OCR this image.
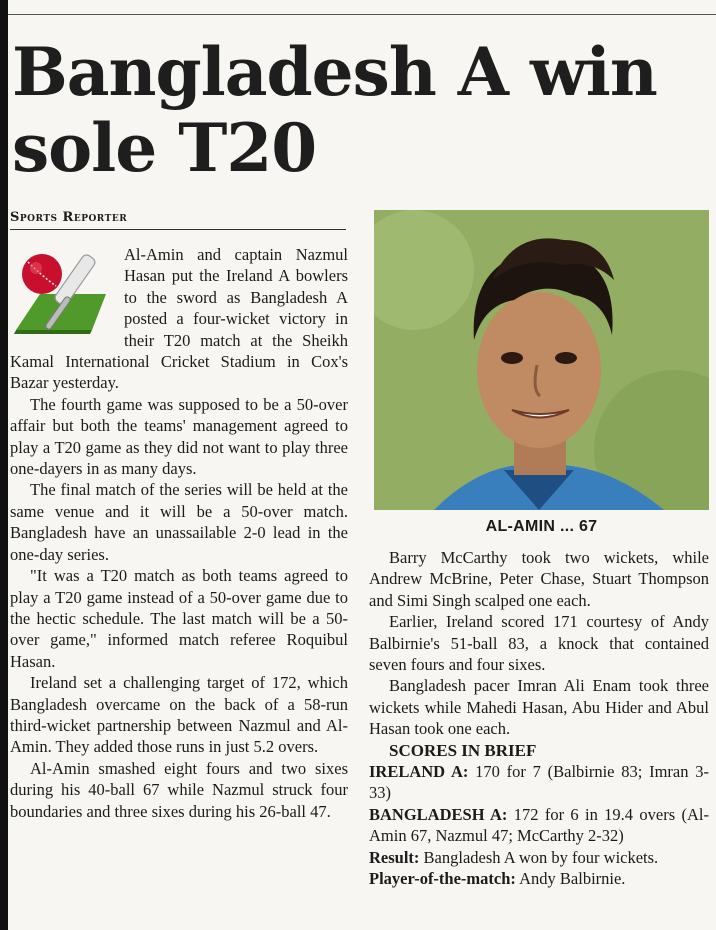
Bangladesh A win sole T20
Sports Reporter

Al-Amin and captain Nazmul Hasan put the Ireland A bowlers to the sword as Bangladesh A posted a four-wicket victory in their T20 match at the Sheikh Kamal International Cricket Stadium in Cox's Bazar yesterday.

The fourth game was supposed to be a 50-over affair but both the teams' management agreed to play a T20 game as they did not want to play three one-dayers in as many days.

The final match of the series will be held at the same venue and it will be a 50-over match. Bangladesh have an unassailable 2-0 lead in the one-day series.

"It was a T20 match as both teams agreed to play a T20 game instead of a 50-over game due to the hectic schedule. The last match will be a 50-over game," informed match referee Roquibul Hasan.

Ireland set a challenging target of 172, which Bangladesh overcame on the back of a 58-run third-wicket partnership between Nazmul and Al-Amin. They added those runs in just 5.2 overs.

Al-Amin smashed eight fours and two sixes during his 40-ball 67 while Nazmul struck four boundaries and three sixes during his 26-ball 47.

AL-AMIN ... 67

Barry McCarthy took two wickets, while Andrew McBrine, Peter Chase, Stuart Thompson and Simi Singh scalped one each.

Earlier, Ireland scored 171 courtesy of Andy Balbirnie's 51-ball 83, a knock that contained seven fours and four sixes.

Bangladesh pacer Imran Ali Enam took three wickets while Mahedi Hasan, Abu Hider and Abul Hasan took one each.

SCORES IN BRIEF

IRELAND A: 170 for 7 (Balbirnie 83; Imran 3-33)

BANGLADESH A: 172 for 6 in 19.4 overs (Al-Amin 67, Nazmul 47; McCarthy 2-32)

Result: Bangladesh A won by four wickets.

Player-of-the-match: Andy Balbirnie.
